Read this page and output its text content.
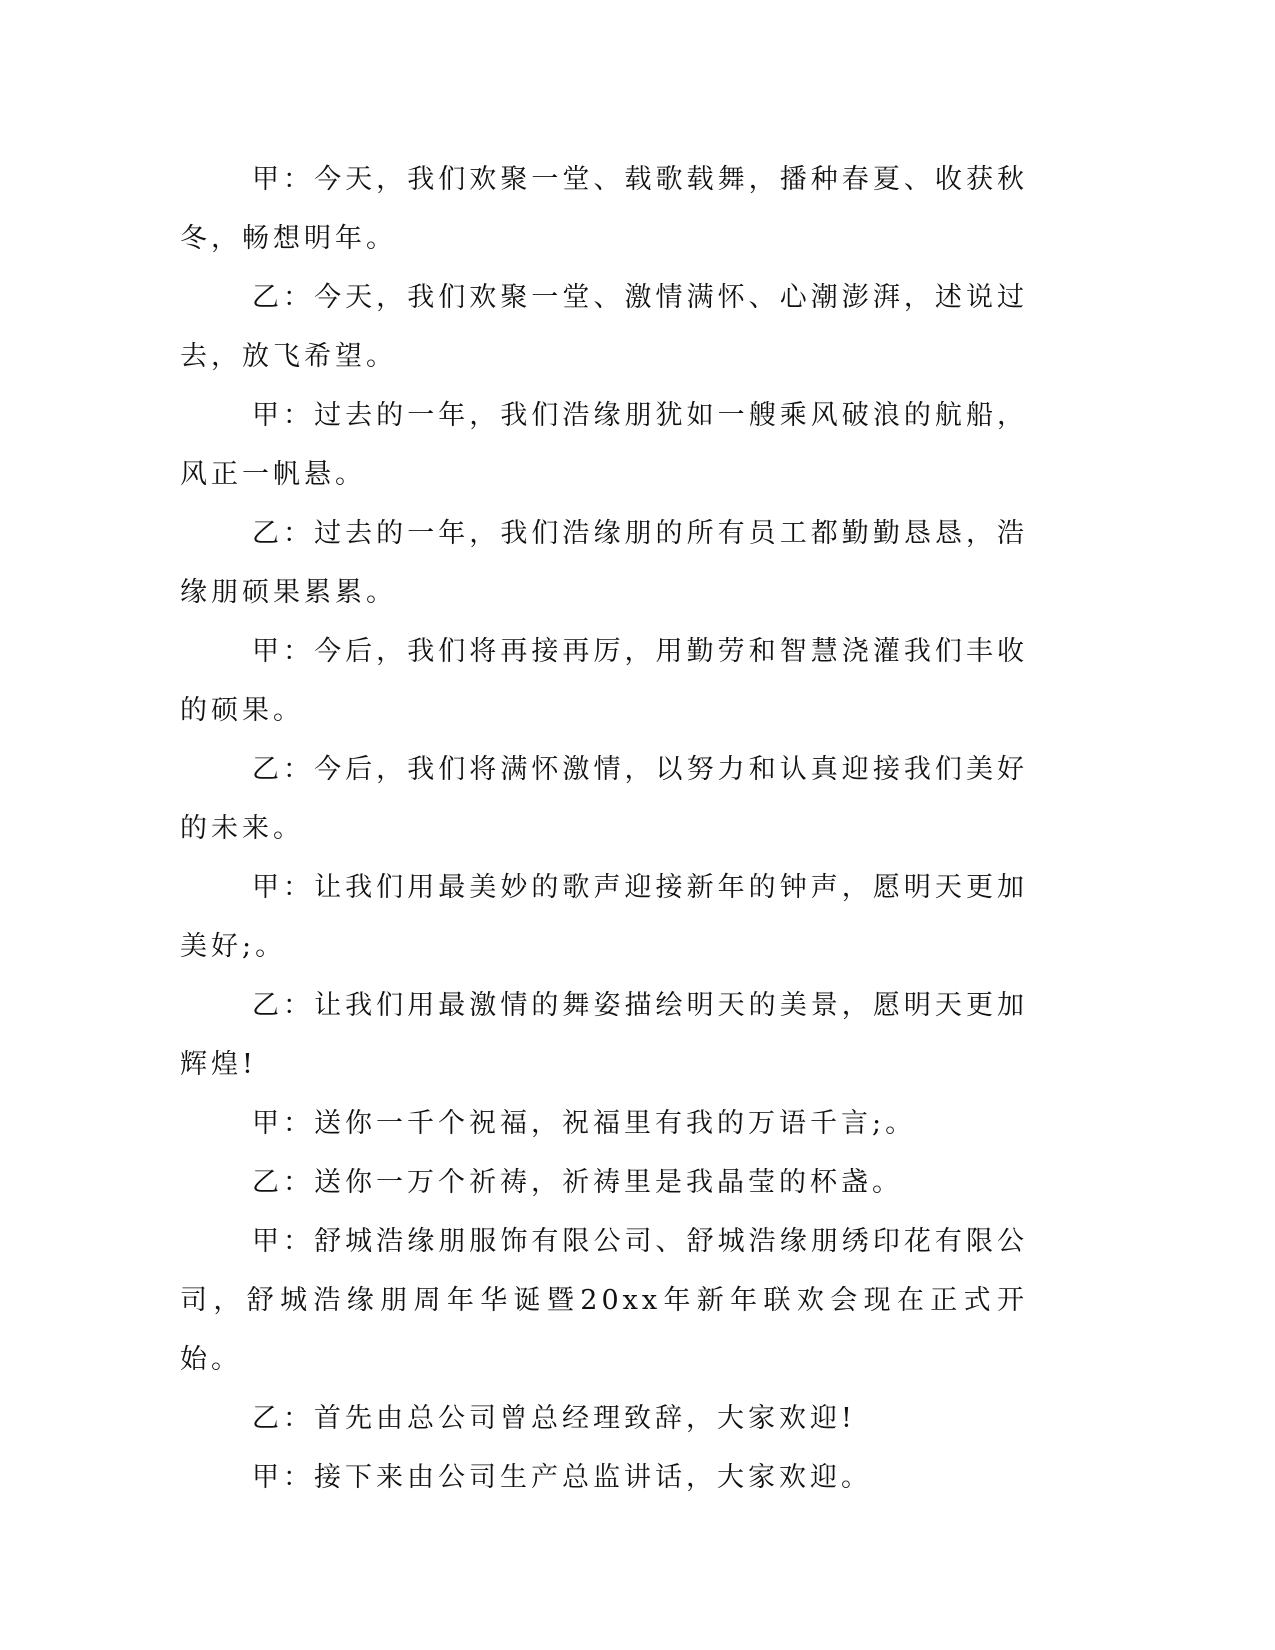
甲：今天，我们欢聚一堂、载歌载舞，播种春夏、收获秋冬，畅想明年。

乙：今天，我们欢聚一堂、激情满怀、心潮澎湃，述说过去，放飞希望。

甲：过去的一年，我们浩缘朋犹如一艘乘风破浪的航船，风正一帆悬。

乙：过去的一年，我们浩缘朋的所有员工都勤勤恳恳，浩缘朋硕果累累。

甲：今后，我们将再接再厉，用勤劳和智慧浇灌我们丰收的硕果。

乙：今后，我们将满怀激情，以努力和认真迎接我们美好的未来。

甲：让我们用最美妙的歌声迎接新年的钟声，愿明天更加美好;。

乙：让我们用最激情的舞姿描绘明天的美景，愿明天更加辉煌!

甲：送你一千个祝福，祝福里有我的万语千言;。

乙：送你一万个祈祷，祈祷里是我晶莹的杯盏。

甲：舒城浩缘朋服饰有限公司、舒城浩缘朋绣印花有限公司，舒城浩缘朋周年华诞暨20xx年新年联欢会现在正式开始。

乙：首先由总公司曾总经理致辞，大家欢迎!

甲：接下来由公司生产总监讲话，大家欢迎。
